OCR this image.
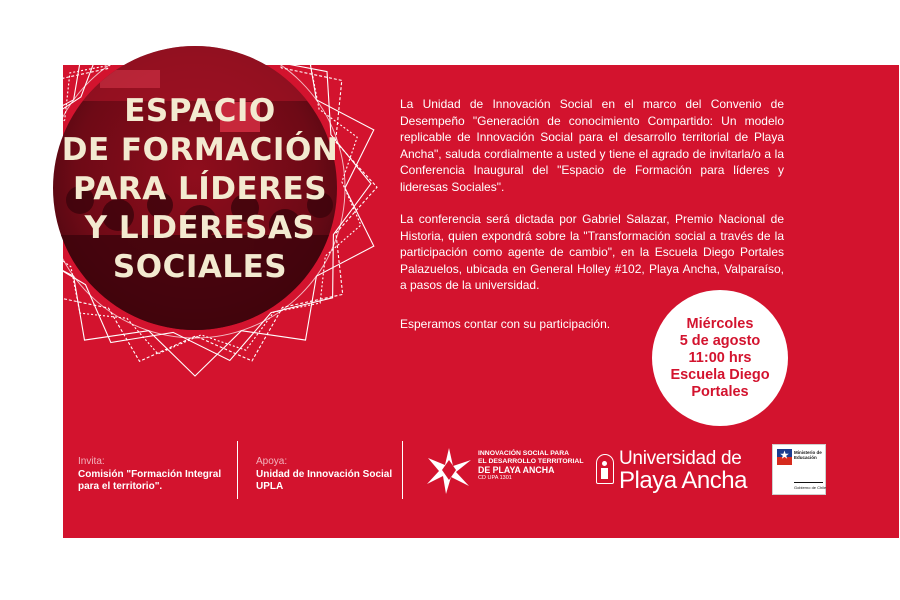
ESPACIO
DE FORMACIÓN
PARA LÍDERES
Y LIDERESAS
SOCIALES

La Unidad de Innovación Social en el marco del Convenio de Desempeño "Generación de conocimiento Compartido: Un modelo replicable de Innovación Social para el desarrollo territorial de Playa Ancha", saluda cordialmente a usted y tiene el agrado de invitarla/o a la Conferencia Inaugural del "Espacio de Formación para líderes y lideresas Sociales".

La conferencia será dictada por Gabriel Salazar, Premio Nacional de Historia, quien expondrá sobre la "Transformación social a través de la participación como agente de cambio", en la Escuela Diego Portales Palazuelos, ubicada en General Holley #102, Playa Ancha, Valparaíso, a pasos de la universidad.

Esperamos contar con su participación.	Miércoles
5 de agosto
11:00 hrs
Escuela Diego
Portales
Invita:
Comisión "Formación Integral
para el territorio".
Apoya:
Unidad de Innovación Social
UPLA
INNOVACIÓN SOCIAL PARA
EL DESARROLLO TERRITORIAL
DE PLAYA ANCHA
CD UPA 1301
Universidad de
Playa Ancha
Ministerio de
Educación
Gobierno de Chile
